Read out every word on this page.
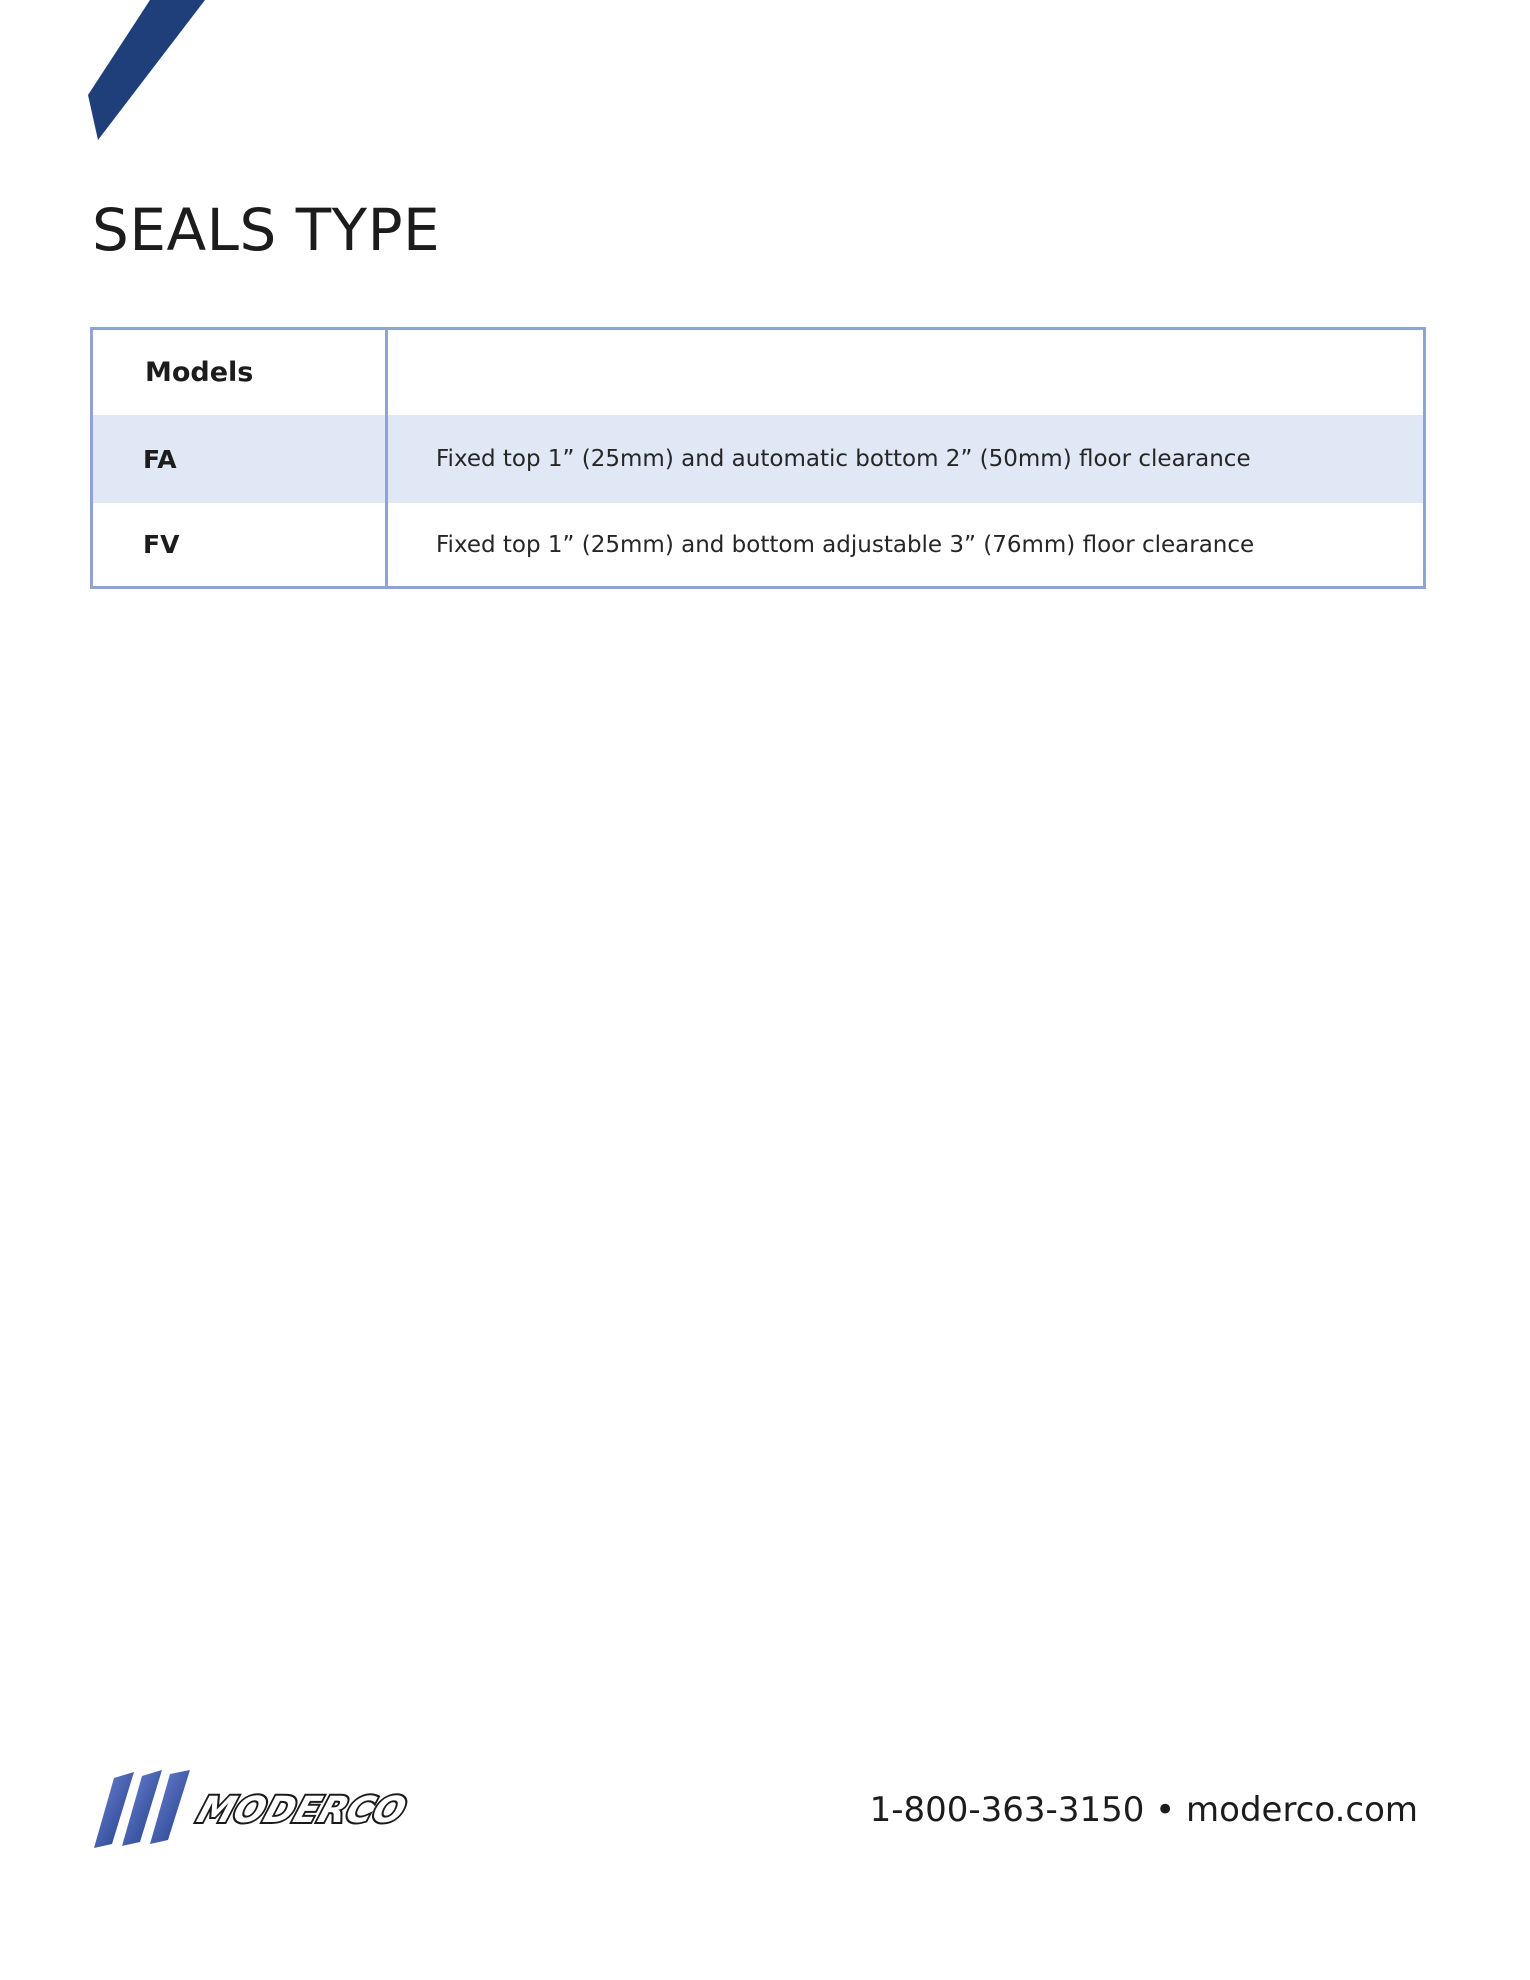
SEALS TYPE
Models
FA	Fixed top 1” (25mm) and automatic bottom 2” (50mm) floor clearance
FV	Fixed top 1” (25mm) and bottom adjustable 3” (76mm) floor clearance
MODERCO	1-800-363-3150 • moderco.com
